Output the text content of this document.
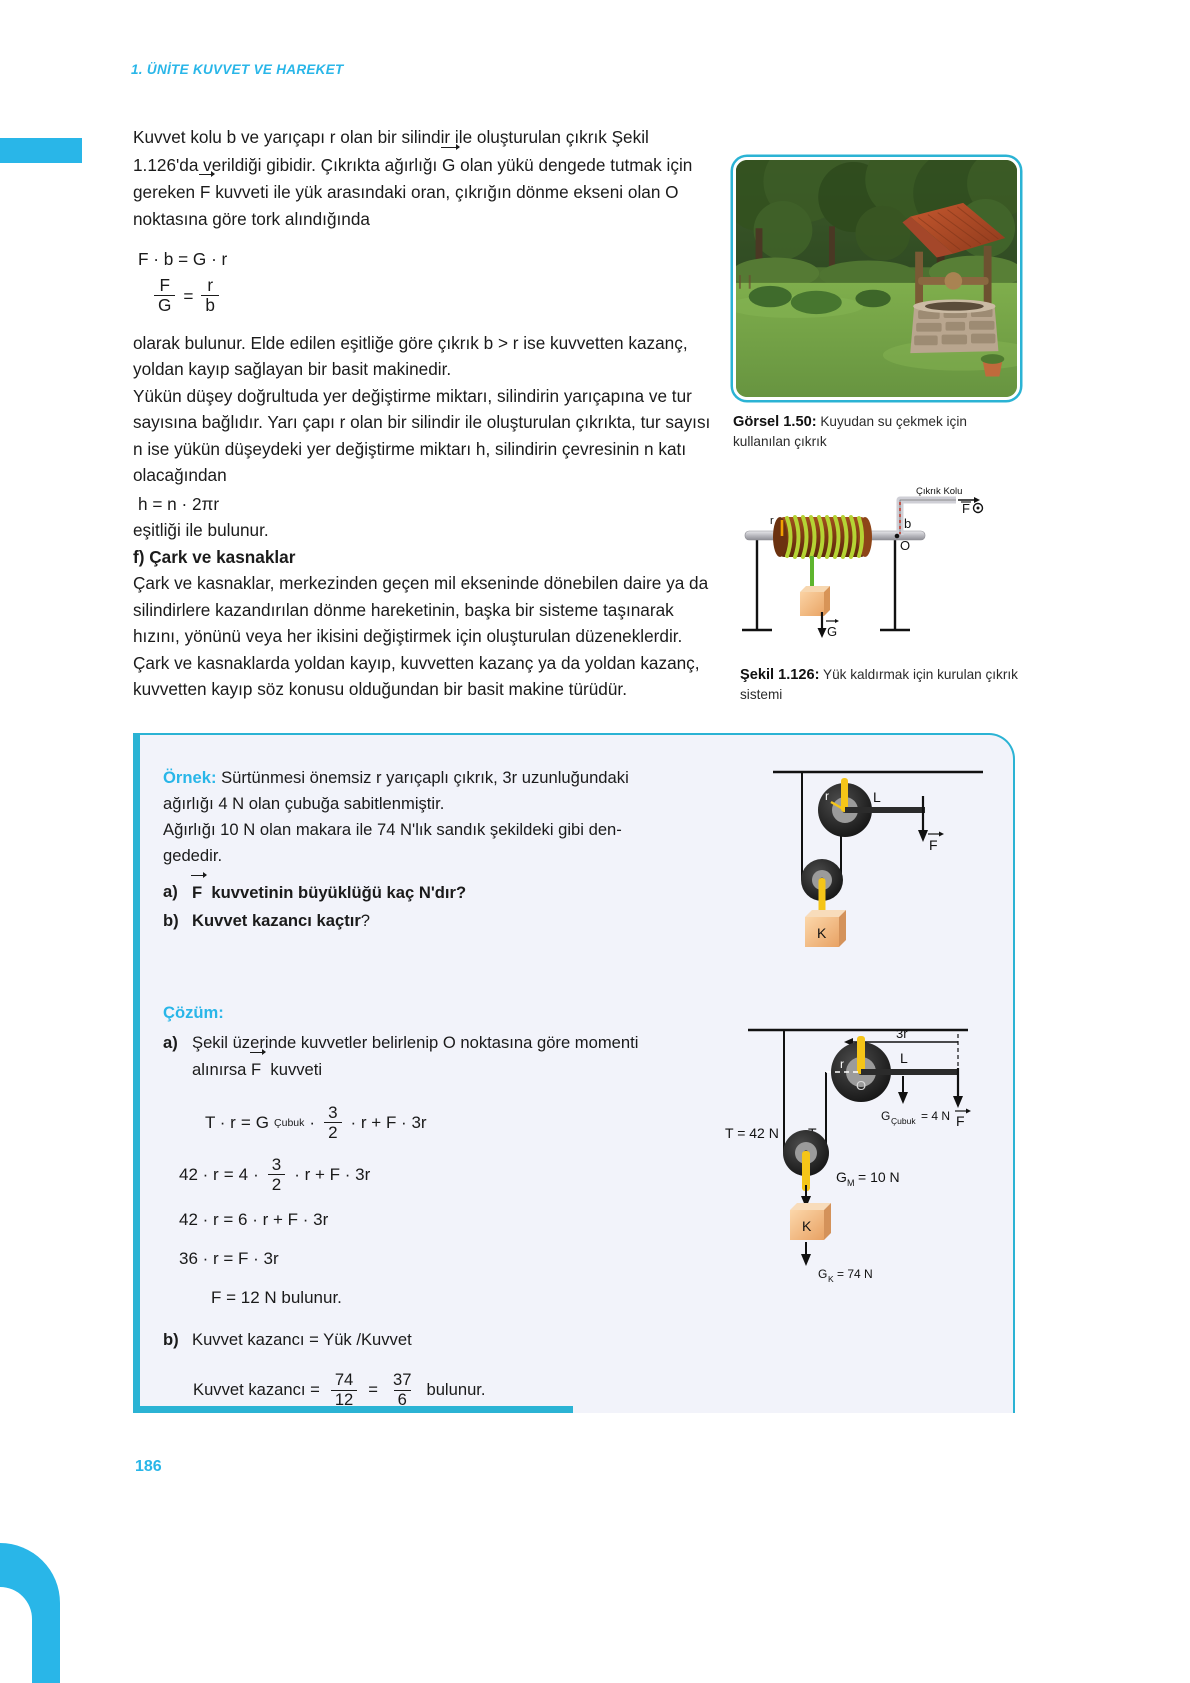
1. ÜNİTE KUVVET VE HAREKET
186

Kuvvet kolu b ve yarıçapı r olan bir silindir ile oluşturulan çıkrık Şekil 1.126'da verildiği gibidir. Çıkrıkta ağırlığı G olan yükü dengede tutmak için gereken F kuvveti ile yük arasındaki oran, çıkrığın dönme ekseni olan O noktasına göre tork alındığında

F · b = G · r
$\frac{F}{G} = \frac{r}{b}$

olarak bulunur. Elde edilen eşitliğe göre çıkrık b > r ise kuvvetten kazanç, yoldan kayıp sağlayan bir basit makinedir.

Yükün düşey doğrultuda yer değiştirme miktarı, silindirin yarıçapına ve tur sayısına bağlıdır. Yarı çapı r olan bir silindir ile oluşturulan çıkrıkta, tur sayısı n ise yükün düşeydeki yer değiştirme miktarı h, silindirin çevresinin n katı olacağından

h = n · 2πr

eşitliği ile bulunur.

f) Çark ve kasnaklar

Çark ve kasnaklar, merkezinden geçen mil ekseninde dönebilen daire ya da silindirlere kazandırılan dönme hareketinin, başka bir sisteme taşınarak hızını, yönünü veya her ikisini değiştirmek için oluşturulan düzeneklerdir. Çark ve kasnaklarda yoldan kayıp, kuvvetten kazanç ya da yoldan kazanç, kuvvetten kayıp söz konusu olduğundan bir basit makine türüdür.

Görsel 1.50: Kuyudan su çekmek için kullanılan çıkrık
r
G
Çıkrık Kolu
b
O
F
Şekil 1.126: Yük kaldırmak için kurulan çıkrık sistemi
Örnek: Sürtünmesi önemsiz r yarıçaplı çıkrık, 3r uzunluğundaki
ağırlığı 4 N olan çubuğa sabitlenmiştir.
Ağırlığı 10 N olan makara ile 74 N'lık sandık şekildeki gibi den-
gededir.
a) F kuvvetinin büyüklüğü kaç N'dır?
b) Kuvvet kazancı kaçtır?
r	L
F
K
Çözüm:
a) Şekil üzerinde kuvvetler belirlenip O noktasına göre momenti
alınırsa F kuvveti
T · r = G Çubuk · $\frac{3}{2} \cdot r + F \cdot 3r$
$42 \cdot r = 4 \cdot \frac{3}{2} \cdot r + F \cdot 3r$
42 · r = 6 · r + F · 3r
36 · r = F · 3r
F = 12 N bulunur.
b) Kuvvet kazancı = Yük /Kuvvet
Kuvvet kazancı = $\frac{74}{12} = \frac{37}{6}$ bulunur.
3r
T = 42 N
r
O
L
G Çubuk = 4 N F
G M = 10 N
K
G K = 74 N
